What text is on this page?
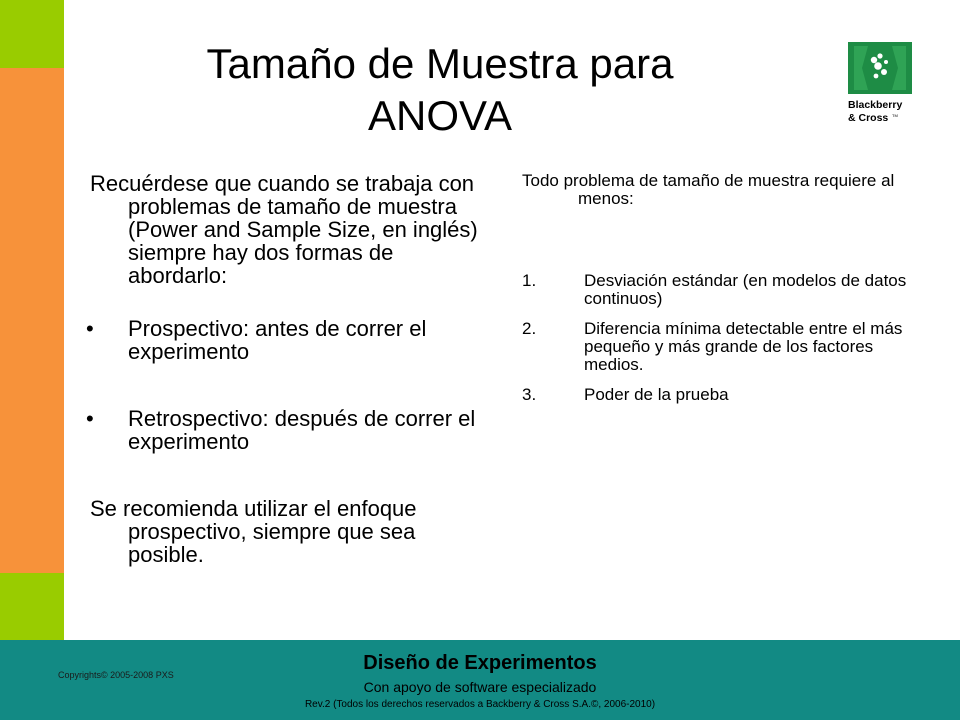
Tamaño de Muestra para
ANOVA	Blackberry
& Cross TM

Recuérdese que cuando se trabaja con problemas de tamaño de muestra (Power and Sample Size, en inglés) siempre hay dos formas de abordarlo:

• Prospectivo: antes de correr el experimento

• Retrospectivo: después de correr el experimento

Se recomienda utilizar el enfoque prospectivo, siempre que sea posible.

Todo problema de tamaño de muestra requiere al menos:

1.	Desviación estándar (en modelos de datos continuos)

2.	Diferencia mínima detectable entre el más pequeño y más grande de los factores medios.

3.	Poder de la prueba

Copyrights© 2005-2008 PXS
Diseño de Experimentos
Con apoyo de software especializado
Rev.2 (Todos los derechos reservados a Backberry & Cross S.A.©, 2006-2010)
